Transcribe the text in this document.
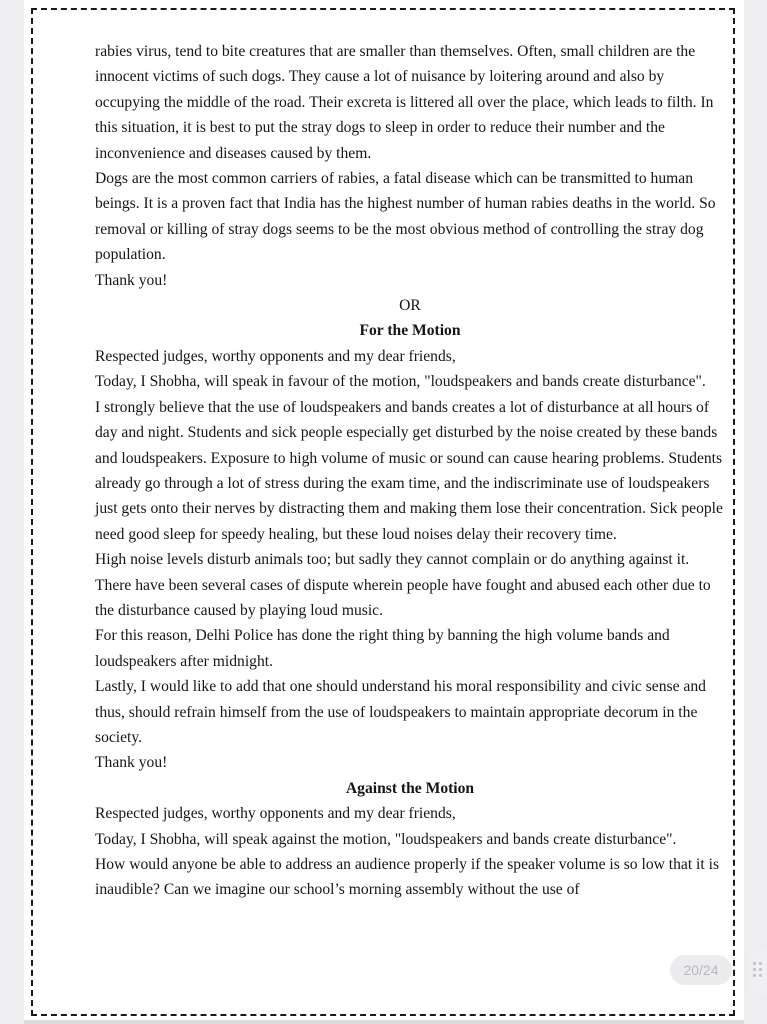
rabies virus, tend to bite creatures that are smaller than themselves. Often, small children are the innocent victims of such dogs. They cause a lot of nuisance by loitering around and also by occupying the middle of the road. Their excreta is littered all over the place, which leads to filth. In this situation, it is best to put the stray dogs to sleep in order to reduce their number and the inconvenience and diseases caused by them.

Dogs are the most common carriers of rabies, a fatal disease which can be transmitted to human beings. It is a proven fact that India has the highest number of human rabies deaths in the world. So removal or killing of stray dogs seems to be the most obvious method of controlling the stray dog population.

Thank you!

OR

For the Motion

Respected judges, worthy opponents and my dear friends,

Today, I Shobha, will speak in favour of the motion, "loudspeakers and bands create disturbance".

I strongly believe that the use of loudspeakers and bands creates a lot of disturbance at all hours of day and night. Students and sick people especially get disturbed by the noise created by these bands and loudspeakers. Exposure to high volume of music or sound can cause hearing problems. Students already go through a lot of stress during the exam time, and the indiscriminate use of loudspeakers just gets onto their nerves by distracting them and making them lose their concentration. Sick people need good sleep for speedy healing, but these loud noises delay their recovery time.

High noise levels disturb animals too; but sadly they cannot complain or do anything against it. There have been several cases of dispute wherein people have fought and abused each other due to the disturbance caused by playing loud music.

For this reason, Delhi Police has done the right thing by banning the high volume bands and loudspeakers after midnight.

Lastly, I would like to add that one should understand his moral responsibility and civic sense and thus, should refrain himself from the use of loudspeakers to maintain appropriate decorum in the society.

Thank you!

Against the Motion

Respected judges, worthy opponents and my dear friends,

Today, I Shobha, will speak against the motion, "loudspeakers and bands create disturbance".

How would anyone be able to address an audience properly if the speaker volume is so low that it is inaudible? Can we imagine our school’s morning assembly without the use of

20/24
